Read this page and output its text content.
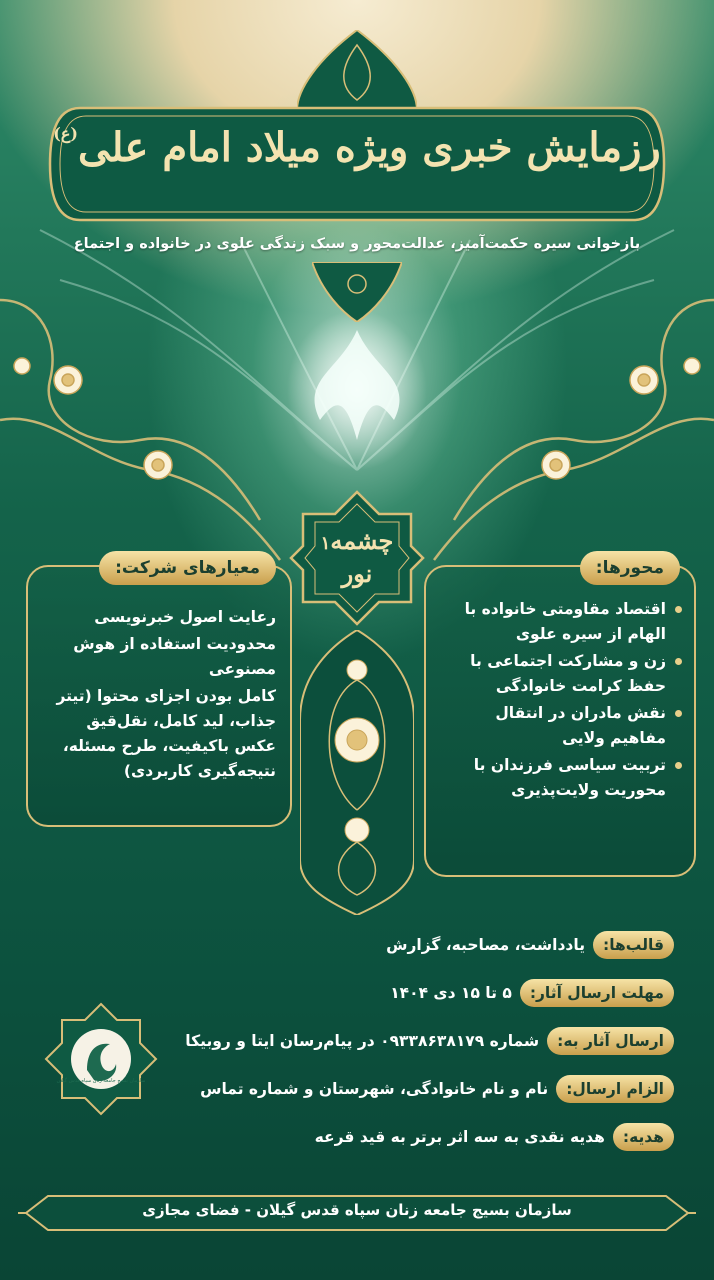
رزمایش خبری ویژه میلاد امام علی$^{(ع)}$
بازخوانی سیره حکمت‌آمیز، عدالت‌محور و سبک زندگی علوی در خانواده و اجتماع
محورها:
اقتصاد مقاومتی خانواده با الهام از سیره علوی
زن و مشارکت اجتماعی با حفظ کرامت خانوادگی
نقش مادران در انتقال مفاهیم ولایی
تربیت سیاسی فرزندان با محوریت ولایت‌پذیری
معیارهای شرکت:
رعایت اصول خبرنویسی
محدودیت استفاده از هوش مصنوعی
کامل بودن اجزای محتوا (تیتر جذاب، لید کامل، نقل‌قیق عکس باکیفیت، طرح مسئله، نتیجه‌گیری کاربردی)
چشمه۱
نور
قالب‌ها:
یادداشت، مصاحبه، گزارش
مهلت ارسال آثار:
۵ تا ۱۵ دی ۱۴۰۴
ارسال آثار به:
شماره ۰۹۳۳۸۶۳۸۱۷۹ در پیام‌رسان ایتا و روبیکا
الزام ارسال:
نام و نام خانوادگی، شهرستان و شماره تماس
هدیه:
هدیه نقدی به سه اثر برتر به قید قرعه
سازمان بسیج جامعه زنان سپاه قدس گیلان
سازمان بسیج جامعه زنان سپاه قدس گیلان - فضای مجازی
